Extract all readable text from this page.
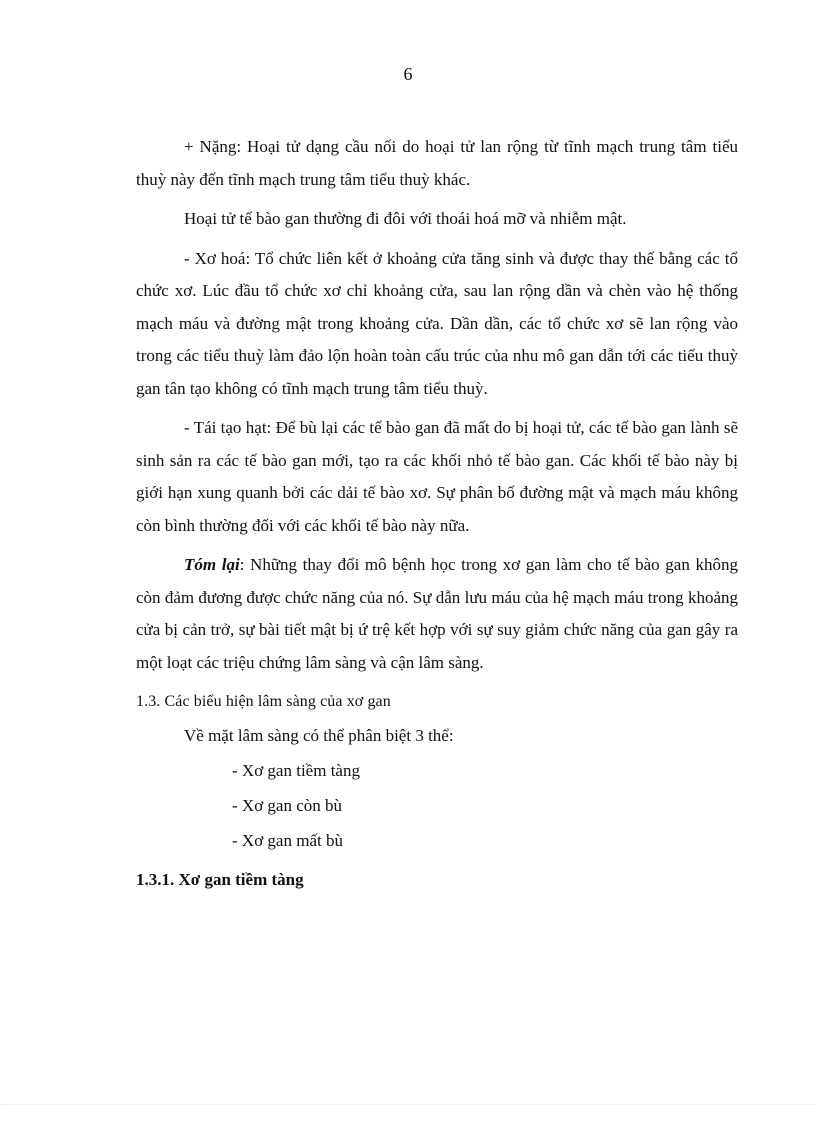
6

+ Nặng: Hoại tử dạng cầu nối do hoại tử lan rộng từ tĩnh mạch trung tâm tiểu thuỳ này đến tĩnh mạch trung tâm tiểu thuỳ khác.

Hoại tử tế bào gan thường đi đôi với thoái hoá mỡ và nhiễm mật.

- Xơ hoá: Tổ chức liên kết ở khoảng cửa tăng sinh và được thay thế bằng các tổ chức xơ. Lúc đầu tổ chức xơ chỉ khoảng cửa, sau lan rộng dần và chèn vào hệ thống mạch máu và đường mật trong khoảng cửa. Dần dần, các tổ chức xơ sẽ lan rộng vào trong các tiểu thuỳ làm đảo lộn hoàn toàn cấu trúc của nhu mô gan dẫn tới các tiểu thuỳ gan tân tạo không có tĩnh mạch trung tâm tiểu thuỳ.

- Tái tạo hạt: Để bù lại các tế bào gan đã mất do bị hoại tử, các tế bào gan lành sẽ sinh sản ra các tế bào gan mới, tạo ra các khối nhỏ tế bào gan. Các khối tế bào này bị giới hạn xung quanh bởi các dải tế bào xơ. Sự phân bố đường mật và mạch máu không còn bình thường đối với các khối tế bào này nữa.

Tóm lại: Những thay đổi mô bệnh học trong xơ gan làm cho tế bào gan không còn đảm đương được chức năng của nó. Sự dẫn lưu máu của hệ mạch máu trong khoảng cửa bị cản trở, sự bài tiết mật bị ứ trệ kết hợp với sự suy giảm chức năng của gan gây ra một loạt các triệu chứng lâm sàng và cận lâm sàng.

1.3. Các biểu hiện lâm sàng của xơ gan
Về mặt lâm sàng có thể phân biệt 3 thể:
- Xơ gan tiềm tàng
- Xơ gan còn bù
- Xơ gan mất bù
1.3.1. Xơ gan tiềm tàng
